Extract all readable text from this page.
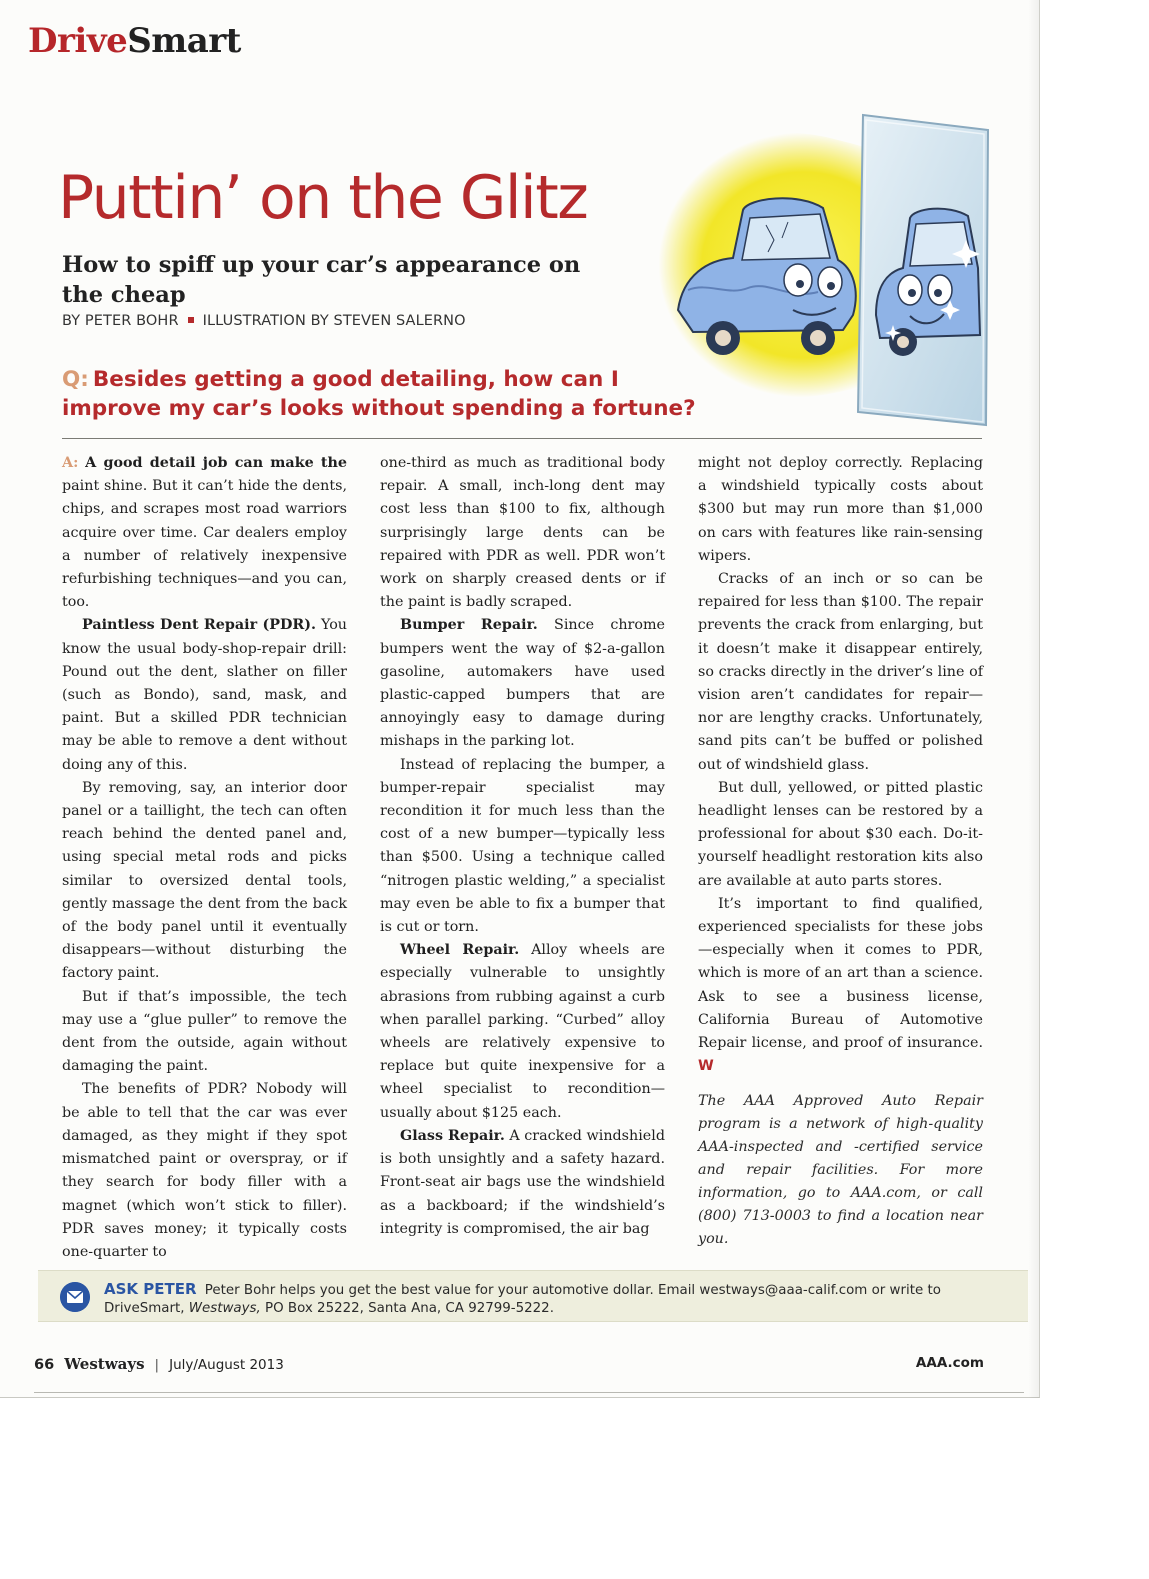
DriveSmart
Puttin’ on the Glitz
How to spiff up your car’s appearance on the cheap
BY PETER BOHR ILLUSTRATION BY STEVEN SALERNO
Q: Besides getting a good detailing, how can I improve my car’s looks without spending a fortune?

A: A good detail job can make the paint shine. But it can’t hide the dents, chips, and scrapes most road warriors acquire over time. Car dealers employ a number of relatively inexpensive refurbishing techniques—and you can, too.

Paintless Dent Repair (PDR). You know the usual body-shop-repair drill: Pound out the dent, slather on filler (such as Bondo), sand, mask, and paint. But a skilled PDR technician may be able to remove a dent without doing any of this.

By removing, say, an interior door panel or a taillight, the tech can often reach behind the dented panel and, using special metal rods and picks similar to oversized dental tools, gently massage the dent from the back of the body panel until it eventually disappears—without disturbing the factory paint.

But if that’s impossible, the tech may use a “glue puller” to remove the dent from the outside, again without damaging the paint.

The benefits of PDR? Nobody will be able to tell that the car was ever damaged, as they might if they spot mismatched paint or overspray, or if they search for body filler with a magnet (which won’t stick to filler). PDR saves money; it typically costs one-quarter to

one-third as much as traditional body repair. A small, inch-long dent may cost less than $100 to fix, although surprisingly large dents can be repaired with PDR as well. PDR won’t work on sharply creased dents or if the paint is badly scraped.

Bumper Repair. Since chrome bumpers went the way of $2-a-gallon gasoline, automakers have used plastic-capped bumpers that are annoyingly easy to damage during mishaps in the parking lot.

Instead of replacing the bumper, a bumper-repair specialist may recondition it for much less than the cost of a new bumper—typically less than $500. Using a technique called “nitrogen plastic welding,” a specialist may even be able to fix a bumper that is cut or torn.

Wheel Repair. Alloy wheels are especially vulnerable to unsightly abrasions from rubbing against a curb when parallel parking. “Curbed” alloy wheels are relatively expensive to replace but quite inexpensive for a wheel specialist to recondition—usually about $125 each.

Glass Repair. A cracked windshield is both unsightly and a safety hazard. Front-seat air bags use the windshield as a backboard; if the windshield’s integrity is compromised, the air bag

might not deploy correctly. Replacing a windshield typically costs about $300 but may run more than $1,000 on cars with features like rain-sensing wipers.

Cracks of an inch or so can be repaired for less than $100. The repair prevents the crack from enlarging, but it doesn’t make it disappear entirely, so cracks directly in the driver’s line of vision aren’t candidates for repair—nor are lengthy cracks. Unfortunately, sand pits can’t be buffed or polished out of windshield glass.

But dull, yellowed, or pitted plastic headlight lenses can be restored by a professional for about $30 each. Do-it-yourself headlight restoration kits also are available at auto parts stores.

It’s important to find qualified, experienced specialists for these jobs—especially when it comes to PDR, which is more of an art than a science. Ask to see a business license, California Bureau of Automotive Repair license, and proof of insurance. W

The AAA Approved Auto Repair program is a network of high-quality AAA-inspected and -certified service and repair facilities. For more information, go to AAA.com, or call (800) 713-0003 to find a location near you.

ASK PETER Peter Bohr helps you get the best value for your automotive dollar. Email westways@aaa-calif.com or write to DriveSmart, Westways, PO Box 25222, Santa Ana, CA 92799-5222.
66 Westways | July/August 2013	AAA.com
